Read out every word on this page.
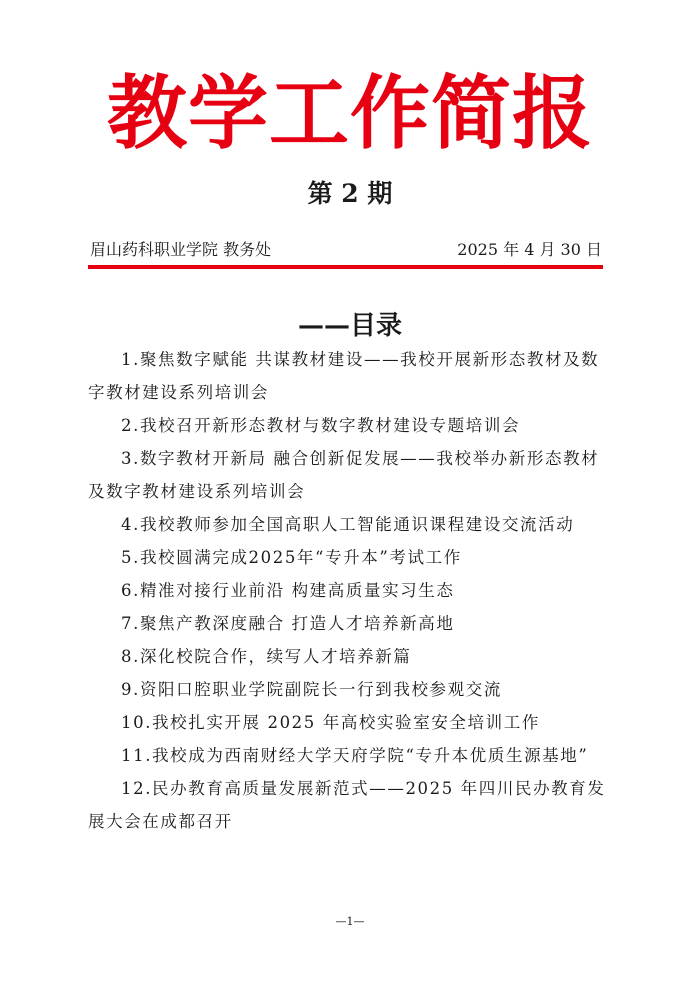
教学工作简报
第 2 期
眉山药科职业学院 教务处	2025 年 4 月 30 日
——目录
1.聚焦数字赋能 共谋教材建设——我校开展新形态教材及数字教材建设系列培训会
2.我校召开新形态教材与数字教材建设专题培训会
3.数字教材开新局 融合创新促发展——我校举办新形态教材及数字教材建设系列培训会
4.我校教师参加全国高职人工智能通识课程建设交流活动
5.我校圆满完成2025年“专升本”考试工作
6.精准对接行业前沿 构建高质量实习生态
7.聚焦产教深度融合 打造人才培养新高地
8.深化校院合作，续写人才培养新篇
9.资阳口腔职业学院副院长一行到我校参观交流
10.我校扎实开展 2025 年高校实验室安全培训工作
11.我校成为西南财经大学天府学院“专升本优质生源基地”
12.民办教育高质量发展新范式——2025 年四川民办教育发展大会在成都召开
—1—
